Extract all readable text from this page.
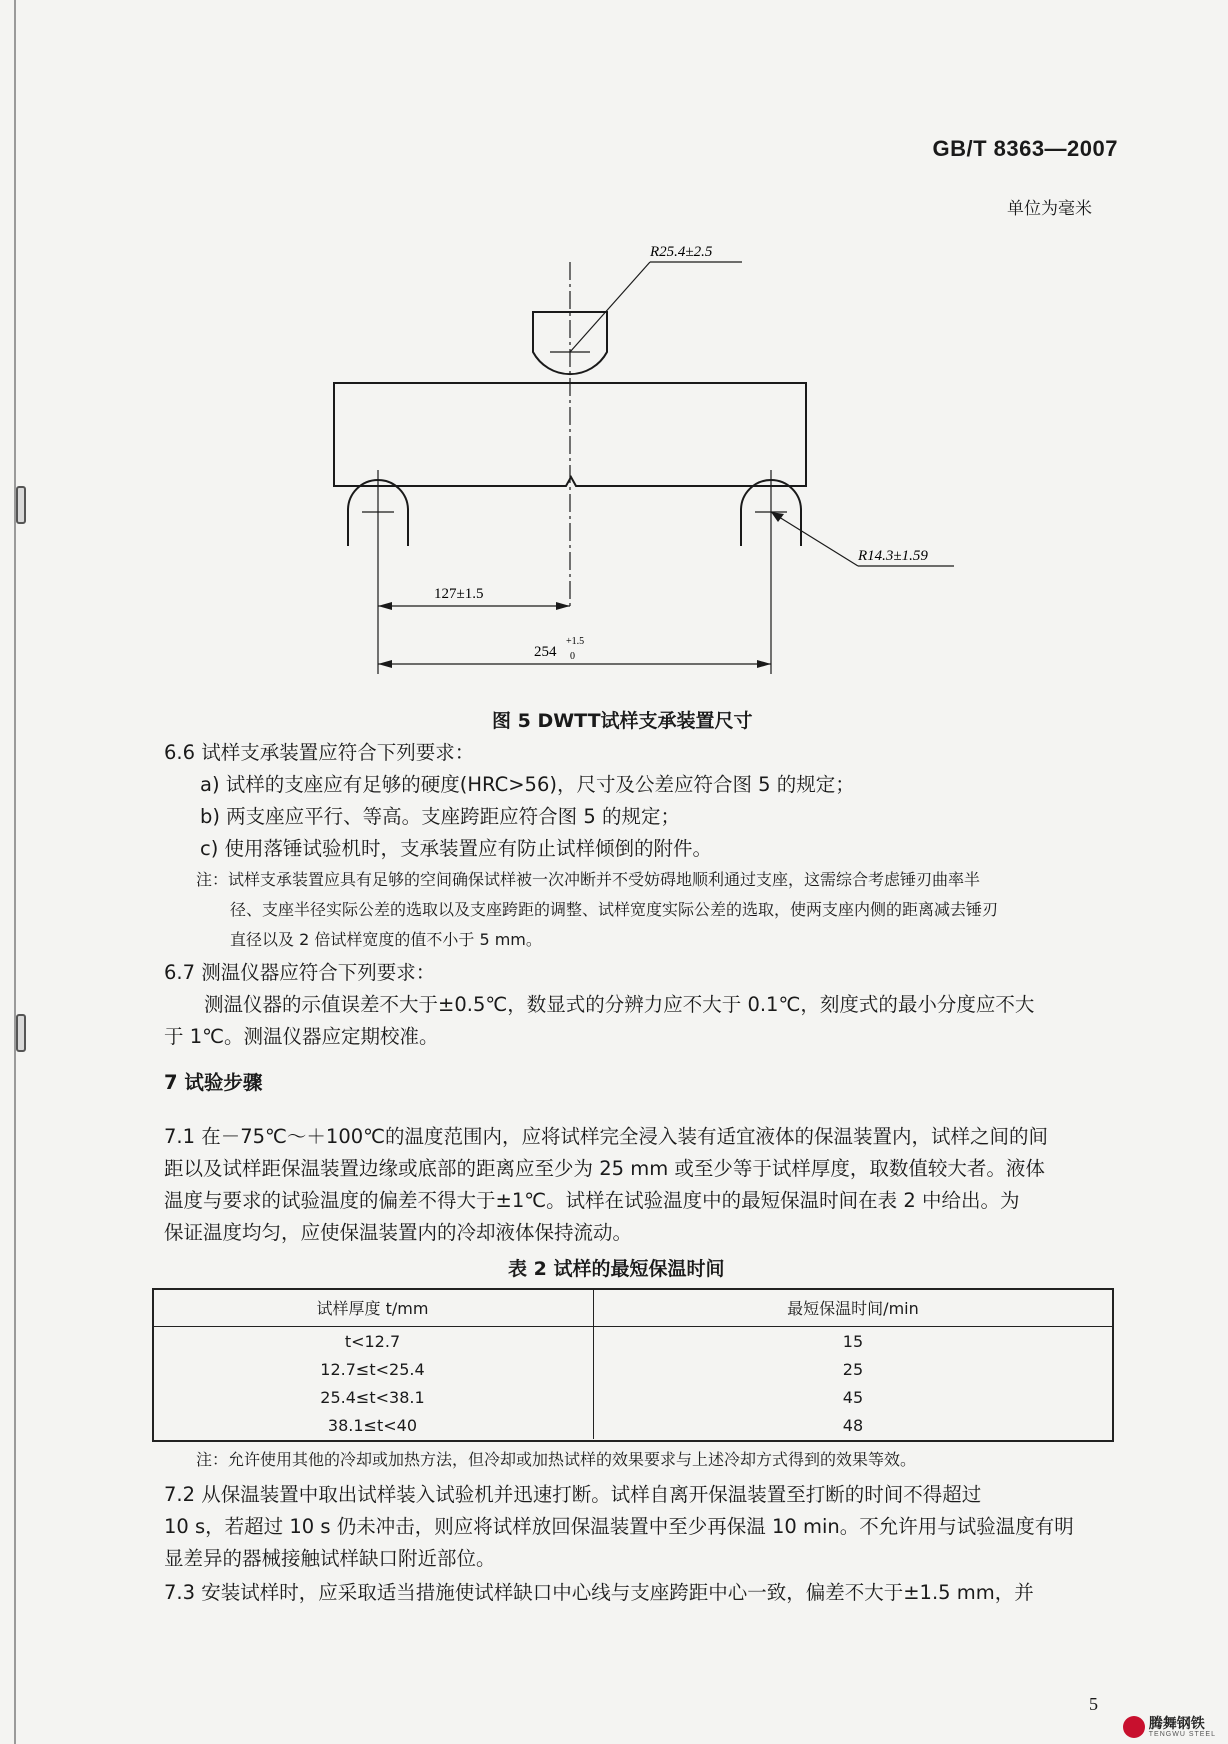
GB/T 8363—2007
单位为毫米
R25.4±2.5
R14.3±1.59
127±1.5
254
+1.5
0
图 5 DWTT试样支承装置尺寸
6.6 试样支承装置应符合下列要求：
a) 试样的支座应有足够的硬度(HRC>56)，尺寸及公差应符合图 5 的规定；
b) 两支座应平行、等高。支座跨距应符合图 5 的规定；
c) 使用落锤试验机时，支承装置应有防止试样倾倒的附件。
注：试样支承装置应具有足够的空间确保试样被一次冲断并不受妨碍地顺利通过支座，这需综合考虑锤刃曲率半
径、支座半径实际公差的选取以及支座跨距的调整、试样宽度实际公差的选取，使两支座内侧的距离减去锤刃
直径以及 2 倍试样宽度的值不小于 5 mm。
6.7 测温仪器应符合下列要求：
测温仪器的示值误差不大于±0.5℃，数显式的分辨力应不大于 0.1℃，刻度式的最小分度应不大
于 1℃。测温仪器应定期校准。
7 试验步骤
7.1 在－75℃～＋100℃的温度范围内，应将试样完全浸入装有适宜液体的保温装置内，试样之间的间
距以及试样距保温装置边缘或底部的距离应至少为 25 mm 或至少等于试样厚度，取数值较大者。液体
温度与要求的试验温度的偏差不得大于±1℃。试样在试验温度中的最短保温时间在表 2 中给出。为
保证温度均匀，应使保温装置内的冷却液体保持流动。
表 2 试样的最短保温时间
试样厚度 t/mm	最短保温时间/min
t<12.7	15
12.7≤t<25.4	25
25.4≤t<38.1	45
38.1≤t<40	48
注：允许使用其他的冷却或加热方法，但冷却或加热试样的效果要求与上述冷却方式得到的效果等效。
7.2 从保温装置中取出试样装入试验机并迅速打断。试样自离开保温装置至打断的时间不得超过
10 s，若超过 10 s 仍未冲击，则应将试样放回保温装置中至少再保温 10 min。不允许用与试验温度有明
显差异的器械接触试样缺口附近部位。
7.3 安装试样时，应采取适当措施使试样缺口中心线与支座跨距中心一致，偏差不大于±1.5 mm，并
5
腾舞钢铁
TENGWU STEEL
